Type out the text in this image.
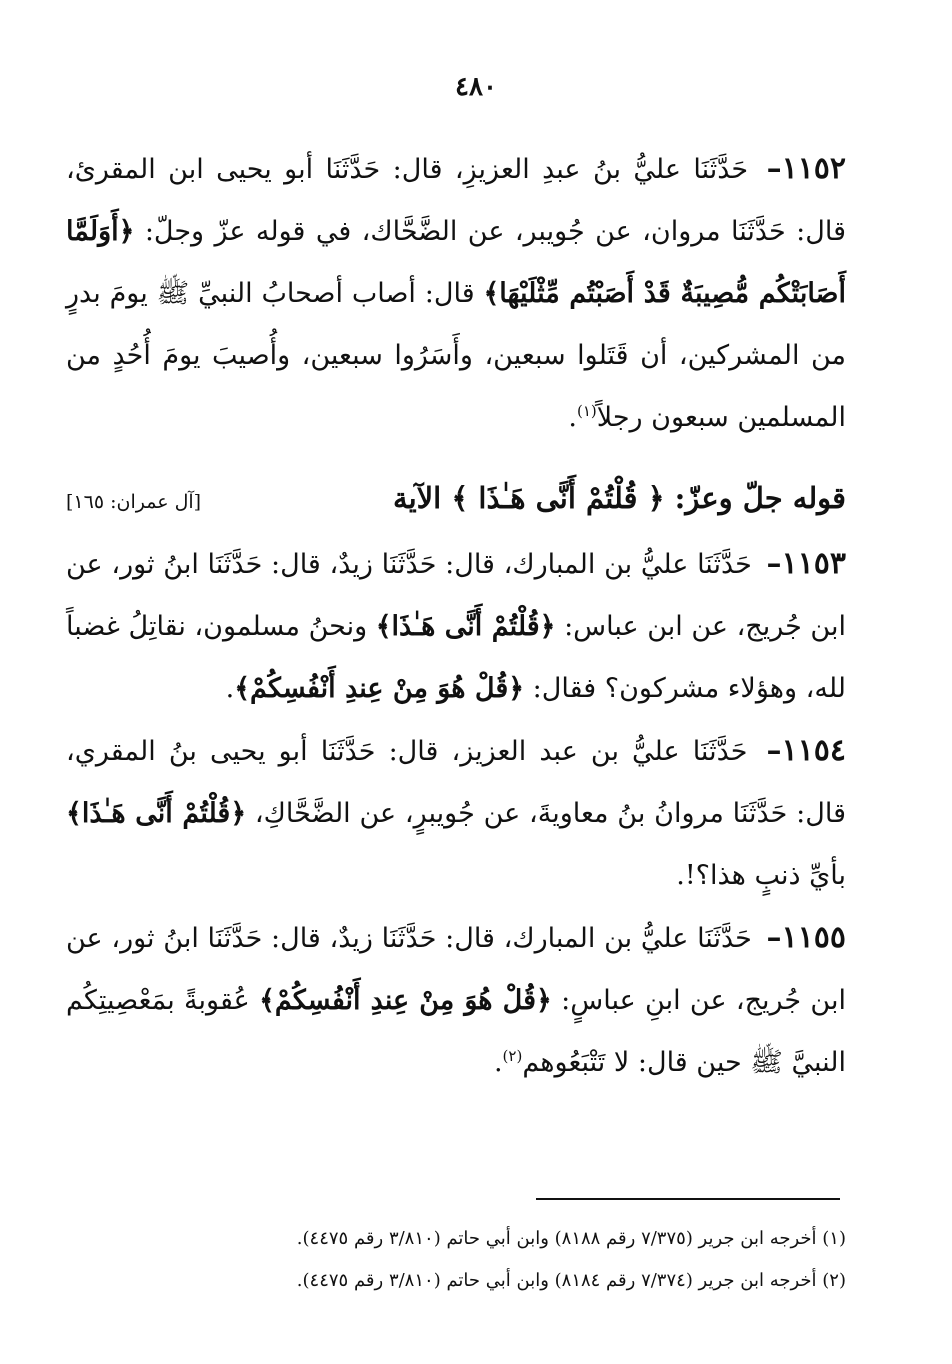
٤٨٠

١١٥٢– حَدَّثَنَا عليُّ بنُ عبدِ العزيزِ، قال: حَدَّثَنَا أبو يحيى ابن المقرئ، قال: حَدَّثَنَا مروان، عن جُويبر، عن الضَّحَّاك، في قوله عزّ وجلّ: ﴿أَوَلَمَّا أَصَابَتْكُم مُّصِيبَةٌ قَدْ أَصَبْتُم مِّثْلَيْهَا﴾ قال: أصاب أصحابُ النبيِّ ﷺ يومَ بدرٍ من المشركين، أن قَتَلوا سبعين، وأَسَرُوا سبعين، وأُصيبَ يومَ أُحُدٍ من المسلمين سبعون رجلاً$^{(١)}$.

قوله جلّ وعزّ: ﴿ قُلْتُمْ أَنَّى هَـٰذَا ﴾ الآية
[آل عمران: ١٦٥]

١١٥٣– حَدَّثَنَا عليُّ بن المبارك، قال: حَدَّثَنَا زيدٌ، قال: حَدَّثَنَا ابنُ ثور، عن ابن جُريج، عن ابن عباس: ﴿قُلْتُمْ أَنَّى هَـٰذَا﴾ ونحنُ مسلمون، نقاتِلُ غضباً لله، وهؤلاء مشركون؟ فقال: ﴿قُلْ هُوَ مِنْ عِندِ أَنْفُسِكُمْ﴾.

١١٥٤– حَدَّثَنَا عليُّ بن عبد العزيز، قال: حَدَّثَنَا أبو يحيى بنُ المقري، قال: حَدَّثَنَا مروانُ بنُ معاويةَ، عن جُويبرٍ، عن الضَّحَّاكِ، ﴿قُلْتُمْ أَنَّى هَـٰذَا﴾ بأيِّ ذنبٍ هذا؟!.

١١٥٥– حَدَّثَنَا عليُّ بن المبارك، قال: حَدَّثَنَا زيدٌ، قال: حَدَّثَنَا ابنُ ثور، عن ابن جُريج، عن ابنِ عباسٍ: ﴿قُلْ هُوَ مِنْ عِندِ أَنْفُسِكُمْ﴾ عُقوبةً بمَعْصِيتِكُم النبيَّ ﷺ حين قال: لا تَتْبَعُوهم$^{(٢)}$.

(١) أخرجه ابن جرير (٧/٣٧٥ رقم ٨١٨٨) وابن أبي حاتم (٣/٨١٠ رقم ٤٤٧٥).

(٢) أخرجه ابن جرير (٧/٣٧٤ رقم ٨١٨٤) وابن أبي حاتم (٣/٨١٠ رقم ٤٤٧٥).
